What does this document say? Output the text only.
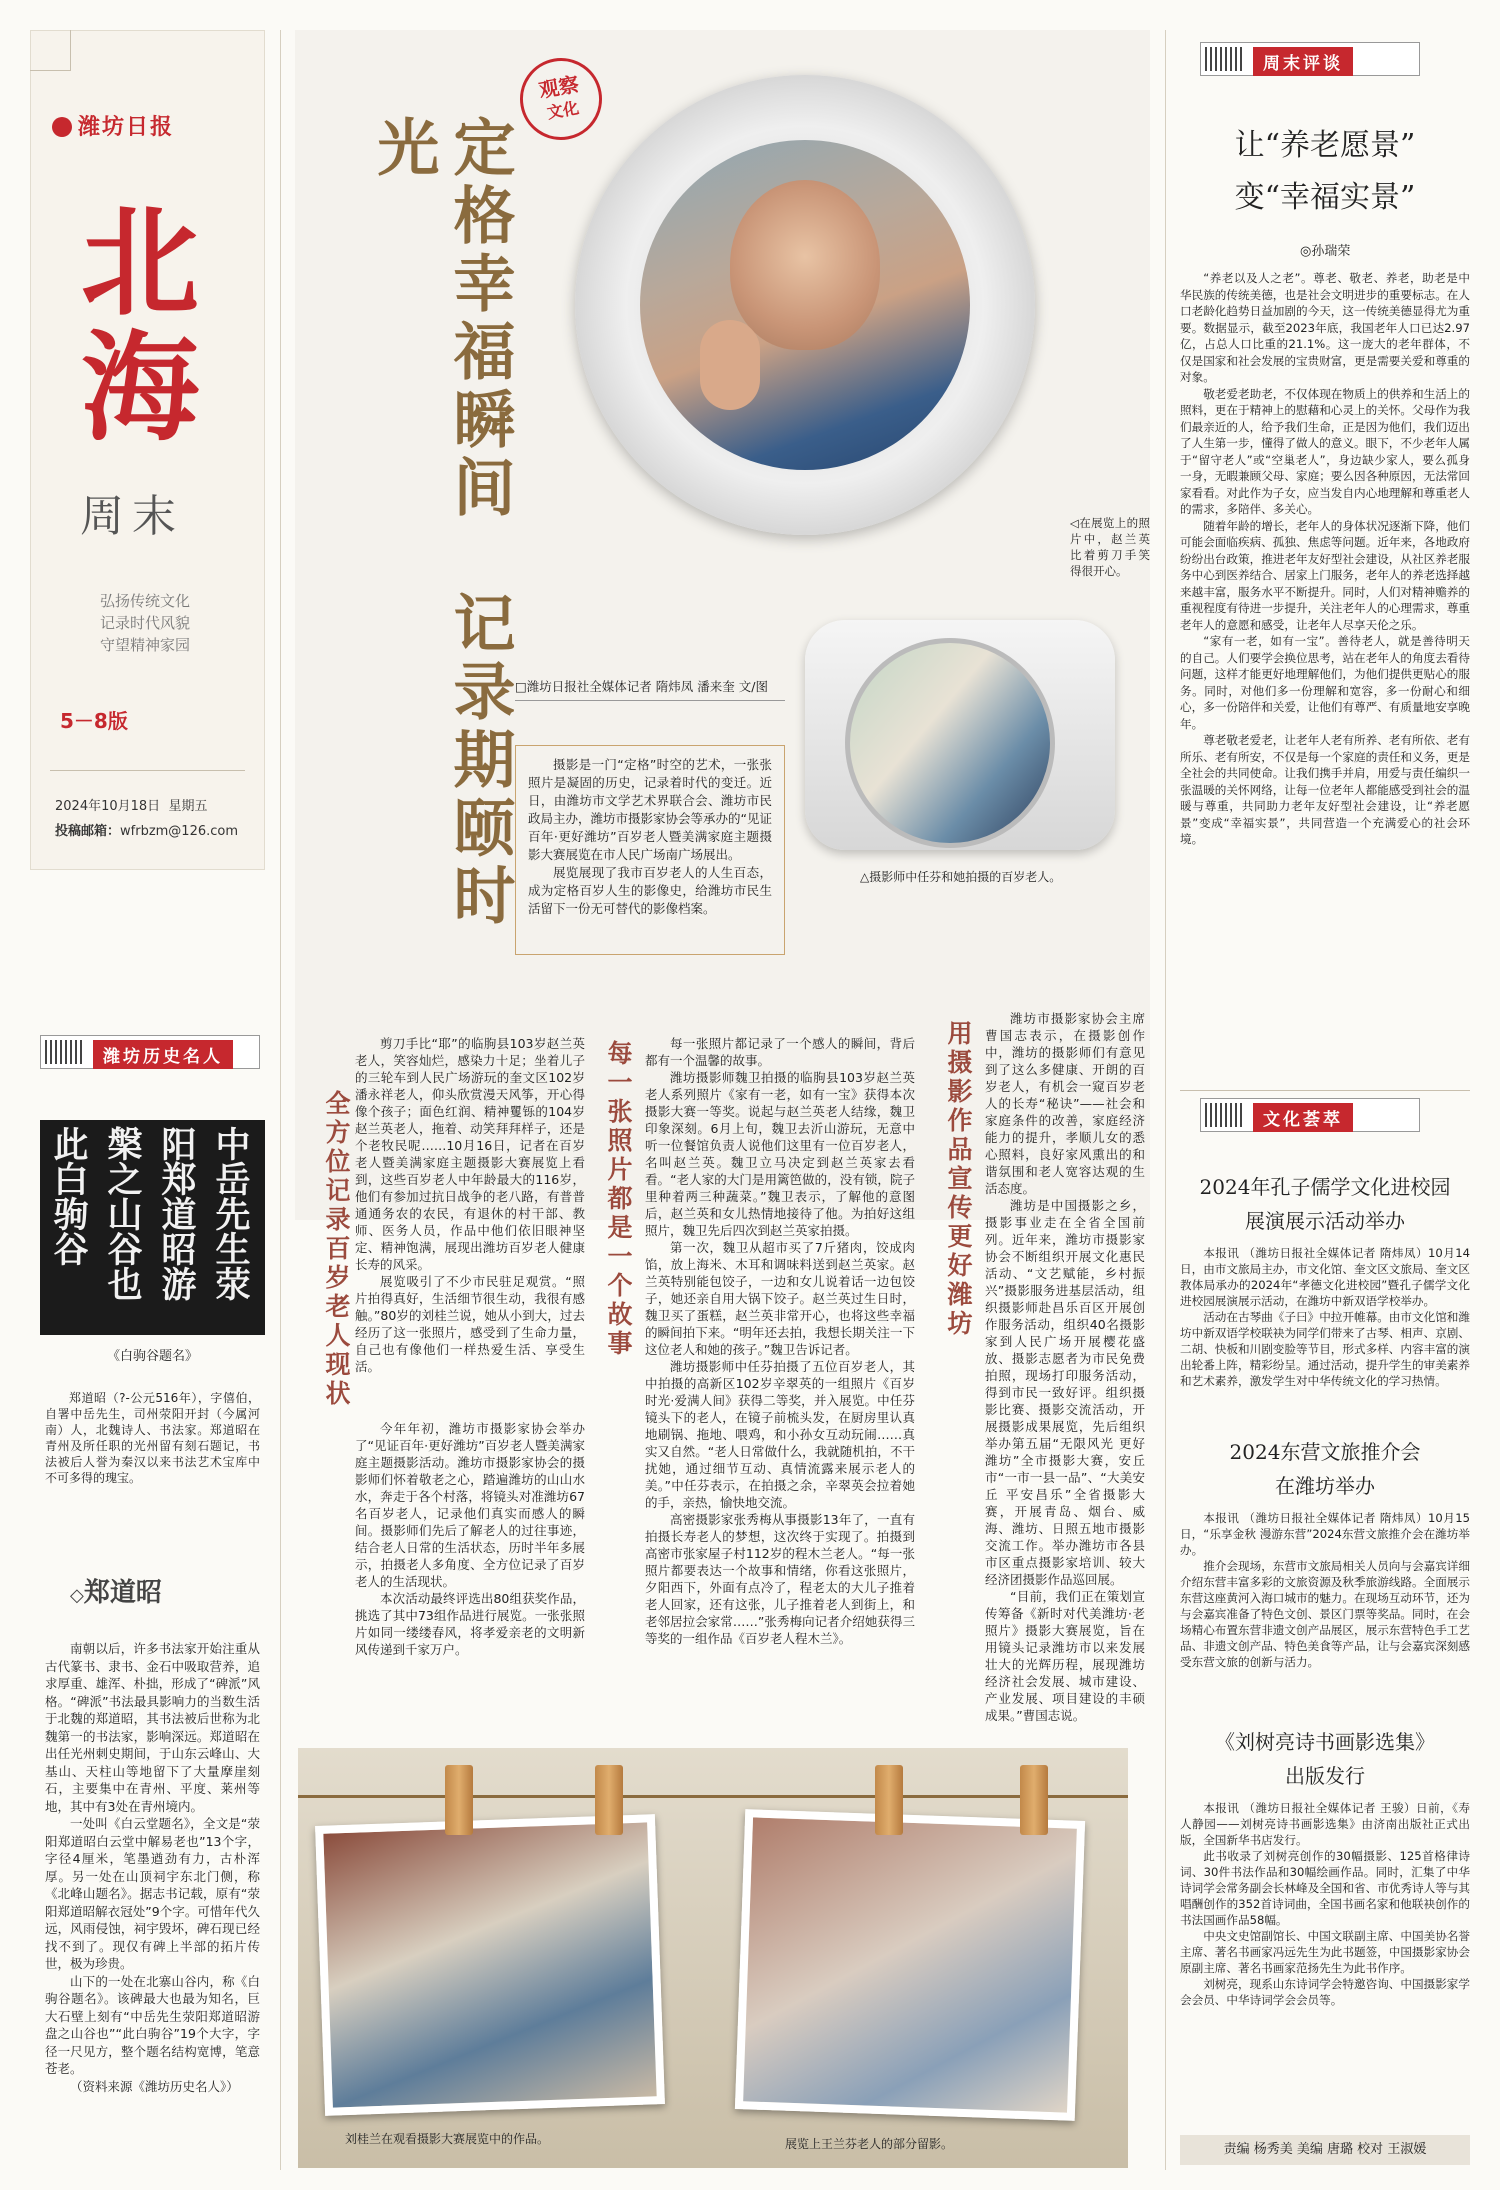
潍坊日报
北海
周末
弘扬传统文化
记录时代风貌
守望精神家园
5－8版
2024年10月18日 星期五
投稿邮箱：wfrbzm@126.com
潍坊历史名人
中岳先生荥
阳郑道昭游
槃之山谷也
此白驹谷
《白驹谷题名》

郑道昭（?-公元516年），字僖伯，自署中岳先生，司州荥阳开封（今属河南）人，北魏诗人、书法家。郑道昭在青州及所任职的光州留有刻石题记，书法被后人誉为秦汉以来书法艺术宝库中不可多得的瑰宝。

◇郑道昭

南朝以后，许多书法家开始注重从古代篆书、隶书、金石中吸取营养，追求厚重、雄浑、朴拙，形成了“碑派”风格。“碑派”书法最具影响力的当数生活于北魏的郑道昭，其书法被后世称为北魏第一的书法家，影响深远。郑道昭在出任光州刺史期间，于山东云峰山、大基山、天柱山等地留下了大量摩崖刻石，主要集中在青州、平度、莱州等地，其中有3处在青州境内。

一处叫《白云堂题名》，全文是“荥阳郑道昭白云堂中解易老也”13个字，字径4厘米，笔墨遒劲有力，古朴浑厚。另一处在山顶祠宇东北门侧，称《北峰山题名》。据志书记载，原有“荥阳郑道昭解衣冠处”9个字。可惜年代久远，风雨侵蚀，祠宇毁坏，碑石现已经找不到了。现仅有碑上半部的拓片传世，极为珍贵。

山下的一处在北寨山谷内，称《白驹谷题名》。该碑最大也最为知名，巨大石壁上刻有“中岳先生荥阳郑道昭游盘之山谷也”“此白驹谷”19个大字，字径一尺见方，整个题名结构宽博，笔意苍老。

（资料来源《潍坊历史名人》）

观察
文化
定格幸福瞬间 记录期颐时光
◁在展览上的照片中，赵兰英比着剪刀手笑得很开心。
△摄影师中任芬和她拍摄的百岁老人。
□潍坊日报社全媒体记者 隋炜凤 潘来奎 文/图

摄影是一门“定格”时空的艺术，一张张照片是凝固的历史，记录着时代的变迁。近日，由潍坊市文学艺术界联合会、潍坊市民政局主办，潍坊市摄影家协会等承办的“见证百年·更好潍坊”百岁老人暨美满家庭主题摄影大赛展览在市人民广场南广场展出。

展览展现了我市百岁老人的人生百态，成为定格百岁人生的影像史，给潍坊市民生活留下一份无可替代的影像档案。

全方位记录百岁老人现状	每一张照片都是一个故事	用摄影作品宣传更好潍坊

剪刀手比“耶”的临朐县103岁赵兰英老人，笑容灿烂，感染力十足；坐着儿子的三轮车到人民广场游玩的奎文区102岁潘永祥老人，仰头欣赏漫天风筝，开心得像个孩子；面色红润、精神矍铄的104岁赵兰英老人，拖着、动笑拜拜样子，还是个老牧民呢……10月16日，记者在百岁老人暨美满家庭主题摄影大赛展览上看到，这些百岁老人中年龄最大的116岁，他们有参加过抗日战争的老八路，有普普通通务农的农民，有退休的村干部、教师、医务人员，作品中他们依旧眼神坚定、精神饱满，展现出潍坊百岁老人健康长寿的风采。

展览吸引了不少市民驻足观赏。“照片拍得真好，生活细节很生动，我很有感触。”80岁的刘桂兰说，她从小到大，过去经历了这一张照片，感受到了生命力量，自己也有像他们一样热爱生活、享受生活。

今年年初，潍坊市摄影家协会举办了“见证百年·更好潍坊”百岁老人暨美满家庭主题摄影活动。潍坊市摄影家协会的摄影师们怀着敬老之心，踏遍潍坊的山山水水，奔走于各个村落，将镜头对准潍坊67名百岁老人，记录他们真实而感人的瞬间。摄影师们先后了解老人的过往事迹，结合老人日常的生活状态，历时半年多展示，拍摄老人多角度、全方位记录了百岁老人的生活现状。

本次活动最终评选出80组获奖作品，挑选了其中73组作品进行展览。一张张照片如同一缕缕春风，将孝爱亲老的文明新风传递到千家万户。

每一张照片都记录了一个感人的瞬间，背后都有一个温馨的故事。

潍坊摄影师魏卫拍摄的临朐县103岁赵兰英老人系列照片《家有一老，如有一宝》获得本次摄影大赛一等奖。说起与赵兰英老人结缘，魏卫印象深刻。6月上旬，魏卫去沂山游玩，无意中听一位餐馆负责人说他们这里有一位百岁老人，名叫赵兰英。魏卫立马决定到赵兰英家去看看。“老人家的大门是用篱笆做的，没有锁，院子里种着两三种蔬菜。”魏卫表示，了解他的意图后，赵兰英和女儿热情地接待了他。为拍好这组照片，魏卫先后四次到赵兰英家拍摄。

第一次，魏卫从超市买了7斤猪肉，饺成肉馅，放上海米、木耳和调味料送到赵兰英家。赵兰英特别能包饺子，一边和女儿说着话一边包饺子，她还亲自用大锅下饺子。赵兰英过生日时，魏卫买了蛋糕，赵兰英非常开心，也将这些幸福的瞬间拍下来。“明年还去拍，我想长期关注一下这位老人和她的孩子。”魏卫告诉记者。

潍坊摄影师中任芬拍摄了五位百岁老人，其中拍摄的高新区102岁辛翠英的一组照片《百岁时光·爱满人间》获得二等奖，并入展览。中任芬镜头下的老人，在镜子前梳头发，在厨房里认真地刷锅、拖地、喂鸡，和小孙女互动玩闹……真实又自然。“老人日常做什么，我就随机拍，不干扰她，通过细节互动、真情流露来展示老人的美。”中任芬表示，在拍摄之余，辛翠英会拉着她的手，亲热，愉快地交流。

高密摄影家张秀梅从事摄影13年了，一直有拍摄长寿老人的梦想，这次终于实现了。拍摄到高密市张家屋子村112岁的程木兰老人。“每一张照片都要表达一个故事和情绪，你看这张照片，夕阳西下，外面有点冷了，程老太的大儿子推着老人回家，还有这张，儿子推着老人到街上，和老邻居拉会家常……”张秀梅向记者介绍她获得三等奖的一组作品《百岁老人程木兰》。

潍坊市摄影家协会主席曹国志表示，在摄影创作中，潍坊的摄影师们有意见到了这么多健康、开朗的百岁老人，有机会一窥百岁老人的长寿“秘诀”——社会和家庭条件的改善，家庭经济能力的提升，孝顺儿女的悉心照料，良好家风熏出的和谐氛围和老人宽容达观的生活态度。

潍坊是中国摄影之乡，摄影事业走在全省全国前列。近年来，潍坊市摄影家协会不断组织开展文化惠民活动、“文艺赋能，乡村振兴”摄影服务进基层活动，组织摄影师赴昌乐百区开展创作服务活动，组织40名摄影家到人民广场开展樱花盛放、摄影志愿者为市民免费拍照，现场打印服务活动，得到市民一致好评。组织摄影比赛、摄影交流活动，开展摄影成果展览，先后组织举办第五届“无限风光 更好潍坊”全市摄影大赛，安丘市“一市一县一品”、“大美安丘 平安昌乐”全省摄影大赛，开展青岛、烟台、威海、潍坊、日照五地市摄影交流工作。举办潍坊市各县市区重点摄影家培训、较大经济团摄影作品巡回展。

“目前，我们正在策划宣传筹备《新时对代美潍坊·老照片》摄影大赛展览，旨在用镜头记录潍坊市以来发展壮大的光辉历程，展现潍坊经济社会发展、城市建设、产业发展、项目建设的丰硕成果。”曹国志说。

刘桂兰在观看摄影大赛展览中的作品。	展览上王兰芬老人的部分留影。
周末评谈
让“养老愿景”
变“幸福实景”
◎孙瑞荣

“养老以及人之老”。尊老、敬老、养老，助老是中华民族的传统美德，也是社会文明进步的重要标志。在人口老龄化趋势日益加剧的今天，这一传统美德显得尤为重要。数据显示，截至2023年底，我国老年人口已达2.97亿，占总人口比重的21.1%。这一庞大的老年群体，不仅是国家和社会发展的宝贵财富，更是需要关爱和尊重的对象。

敬老爱老助老，不仅体现在物质上的供养和生活上的照料，更在于精神上的慰藉和心灵上的关怀。父母作为我们最亲近的人，给予我们生命，正是因为他们，我们迈出了人生第一步，懂得了做人的意义。眼下，不少老年人属于“留守老人”或“空巢老人”，身边缺少家人，要么孤身一身，无暇兼顾父母、家庭；要么因各种原因，无法常回家看看。对此作为子女，应当发自内心地理解和尊重老人的需求，多陪伴、多关心。

随着年龄的增长，老年人的身体状况逐渐下降，他们可能会面临疾病、孤独、焦虑等问题。近年来，各地政府纷纷出台政策，推进老年友好型社会建设，从社区养老服务中心到医养结合、居家上门服务，老年人的养老选择越来越丰富，服务水平不断提升。同时，人们对精神赡养的重视程度有待进一步提升，关注老年人的心理需求，尊重老年人的意愿和感受，让老年人尽享天伦之乐。

“家有一老，如有一宝”。善待老人，就是善待明天的自己。人们要学会换位思考，站在老年人的角度去看待问题，这样才能更好地理解他们，为他们提供更贴心的服务。同时，对他们多一份理解和宽容，多一份耐心和细心，多一份陪伴和关爱，让他们有尊严、有质量地安享晚年。

尊老敬老爱老，让老年人老有所养、老有所依、老有所乐、老有所安，不仅是每一个家庭的责任和义务，更是全社会的共同使命。让我们携手并肩，用爱与责任编织一张温暖的关怀网络，让每一位老年人都能感受到社会的温暖与尊重，共同助力老年友好型社会建设，让“养老愿景”变成“幸福实景”，共同营造一个充满爱心的社会环境。

文化荟萃
2024年孔子儒学文化进校园
展演展示活动举办

本报讯 （潍坊日报社全媒体记者 隋炜凤）10月14日，由市文旅局主办，市文化馆、奎文区文旅局、奎文区教体局承办的2024年“孝德文化进校园”暨孔子儒学文化进校园展演展示活动，在潍坊中新双语学校举办。

活动在古琴曲《子曰》中拉开帷幕。由市文化馆和潍坊中新双语学校联袂为同学们带来了古琴、相声、京剧、二胡、快板和川剧变脸等节目，形式多样、内容丰富的演出轮番上阵，精彩纷呈。通过活动，提升学生的审美素养和艺术素养，激发学生对中华传统文化的学习热情。

2024东营文旅推介会
在潍坊举办

本报讯 （潍坊日报社全媒体记者 隋炜凤）10月15日，“乐享金秋 漫游东营”2024东营文旅推介会在潍坊举办。

推介会现场，东营市文旅局相关人员向与会嘉宾详细介绍东营丰富多彩的文旅资源及秋季旅游线路。全面展示东营这座黄河入海口城市的魅力。在现场互动环节，还为与会嘉宾准备了特色文创、景区门票等奖品。同时，在会场精心布置东营非遗文创产品展区，展示东营特色手工艺品、非遗文创产品、特色美食等产品，让与会嘉宾深刻感受东营文旅的创新与活力。

《刘树亮诗书画影选集》
出版发行

本报讯 （潍坊日报社全媒体记者 王骏）日前，《寿人静园——刘树亮诗书画影选集》由济南出版社正式出版，全国新华书店发行。

此书收录了刘树亮创作的30幅摄影、125首格律诗词、30件书法作品和30幅绘画作品。同时，汇集了中华诗词学会常务副会长林峰及全国和省、市优秀诗人等与其唱酬创作的352首诗词曲，全国书画名家和他联袂创作的书法国画作品58幅。

中央文史馆副馆长、中国文联副主席、中国美协名誉主席、著名书画家冯远先生为此书题签，中国摄影家协会原副主席、著名书画家范扬先生为此书作序。

刘树亮，现系山东诗词学会特邀咨询、中国摄影家学会会员、中华诗词学会会员等。

责编 杨秀美 美编 唐璐 校对 王淑媛
